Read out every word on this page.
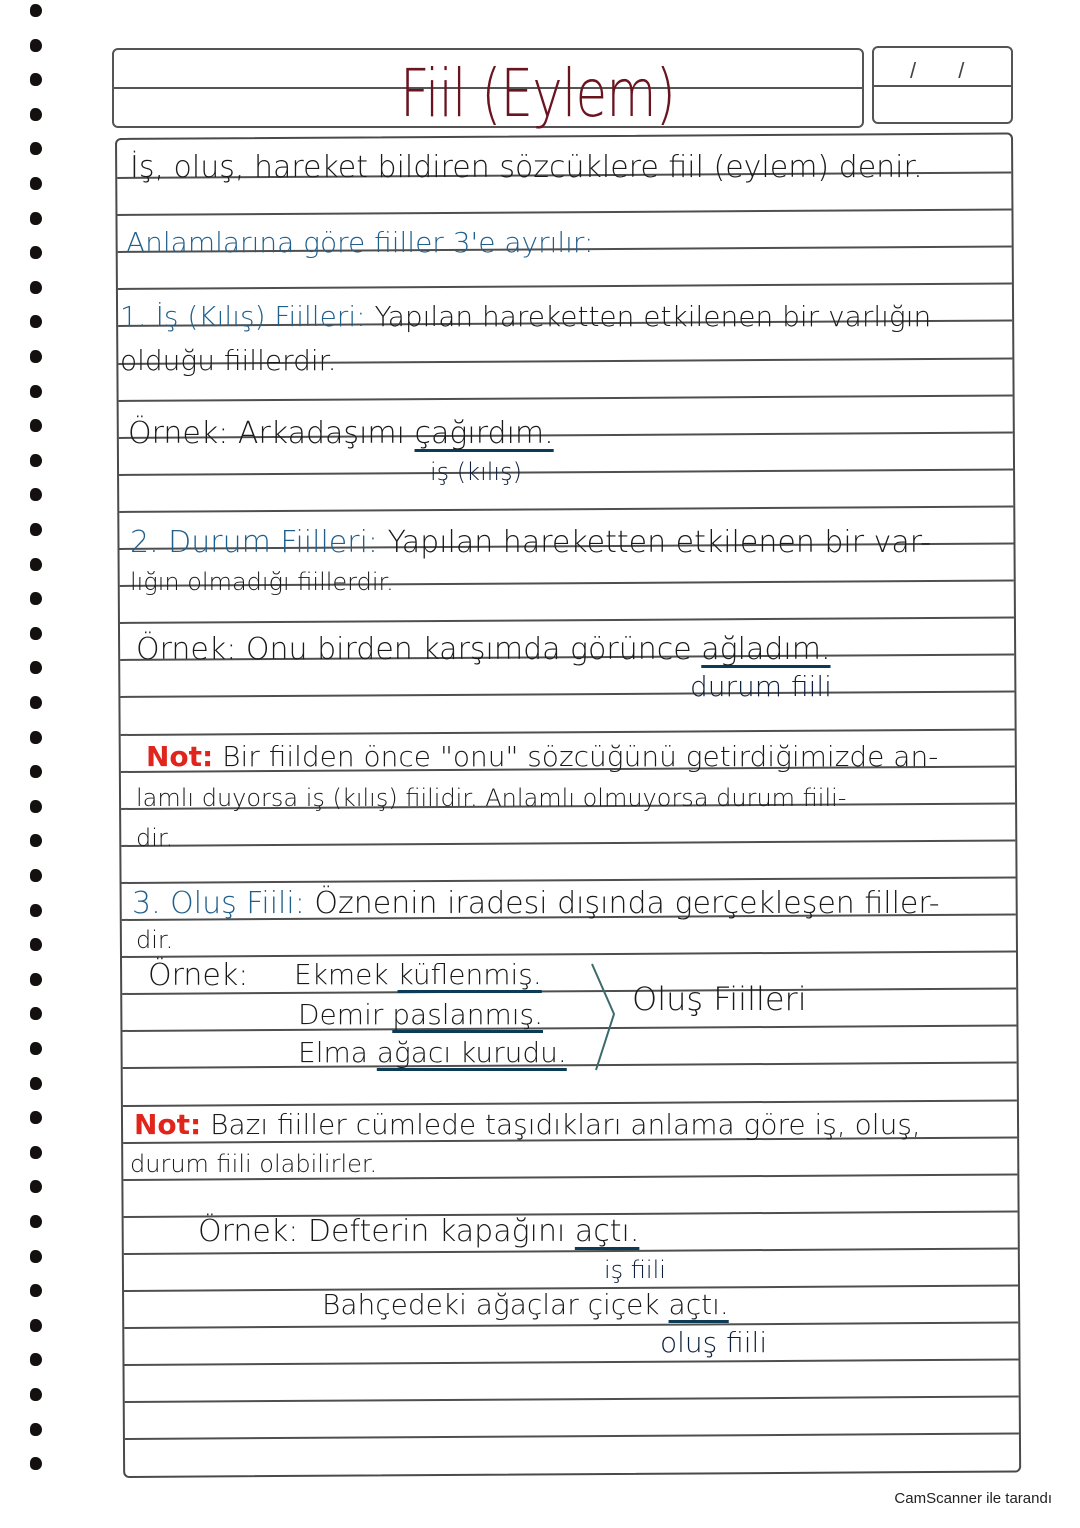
/ /
Fiil (Eylem)
İş, oluş, hareket bildiren sözcüklere fiil (eylem) denir.
Anlamlarına göre fiiller 3'e ayrılır:
1. İş (Kılış) Fiilleri: Yapılan hareketten etkilenen bir varlığın
olduğu fiillerdir.
Örnek: Arkadaşımı çağırdım.
iş (kılış)
2. Durum Fiilleri: Yapılan hareketten etkilenen bir var-
lığın olmadığı fiillerdir.
Örnek: Onu birden karşımda görünce ağladım.
durum fiili
Not: Bir fiilden önce "onu" sözcüğünü getirdiğimizde an-
lamlı duyorsa iş (kılış) fiilidir. Anlamlı olmuyorsa durum fiili-
dir.
3. Oluş Fiili: Öznenin iradesi dışında gerçekleşen filler-
dir.
Örnek: Ekmek küflenmiş.
Demir paslanmış.
Elma ağacı kurudu.
Oluş Fiilleri
Not: Bazı fiiller cümlede taşıdıkları anlama göre iş, oluş,
durum fiili olabilirler.
Örnek: Defterin kapağını açtı.
iş fiili
Bahçedeki ağaçlar çiçek açtı.
oluş fiili
CamScanner ile tarandı
